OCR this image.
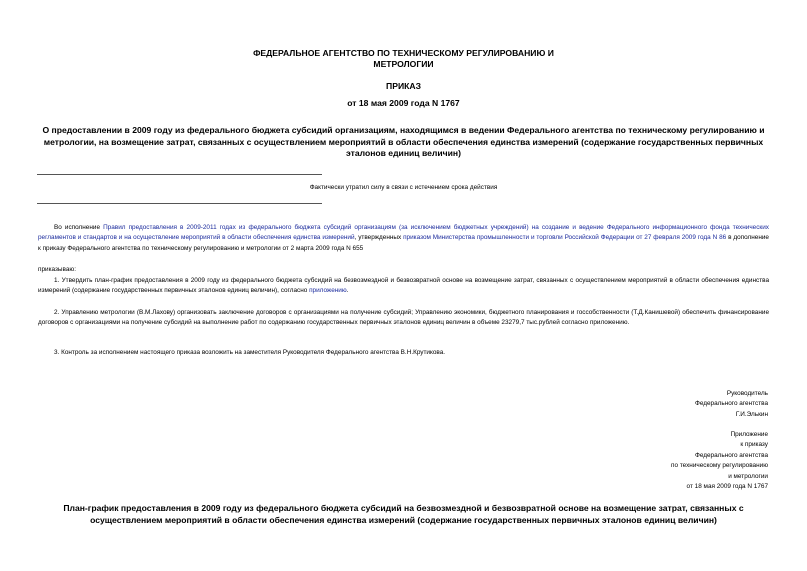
ФЕДЕРАЛЬНОЕ АГЕНТСТВО ПО ТЕХНИЧЕСКОМУ РЕГУЛИРОВАНИЮ И
МЕТРОЛОГИИ
ПРИКАЗ
от 18 мая 2009 года N 1767
О предоставлении в 2009 году из федерального бюджета субсидий организациям, находящимся в ведении Федерального агентства по техническому регулированию и метрологии, на возмещение затрат, связанных с осуществлением мероприятий в области обеспечения единства измерений (содержание государственных первичных эталонов единиц величин)
Фактически утратил силу в связи с истечением срока действия
Во исполнение Правил предоставления в 2009-2011 годах из федерального бюджета субсидий организациям (за исключением бюджетных учреждений) на создание и ведение Федерального информационного фонда технических регламентов и стандартов и на осуществление мероприятий в области обеспечения единства измерений, утвержденных приказом Министерства промышленности и торговли Российской Федерации от 27 февраля 2009 года N 86 в дополнение к приказу Федерального агентства по техническому регулированию и метрологии от 2 марта 2009 года N 655
приказываю:
1. Утвердить план-график предоставления в 2009 году из федерального бюджета субсидий на безвозмездной и безвозвратной основе на возмещение затрат, связанных с осуществлением мероприятий в области обеспечения единства измерений (содержание государственных первичных эталонов единиц величин), согласно приложению.
2. Управлению метрологии (В.М.Лахову) организовать заключение договоров с организациями на получение субсидий; Управлению экономики, бюджетного планирования и госсобственности (Т.Д.Канишевой) обеспечить финансирование договоров с организациями на получение субсидий на выполнение работ по содержанию государственных первичных эталонов единиц величин в объеме 23279,7 тыс.рублей согласно приложению.
3. Контроль за исполнением настоящего приказа возложить на заместителя Руководителя Федерального агентства В.Н.Крутикова.
Руководитель
Федерального агентства
Г.И.Элькин
Приложение
к приказу
Федерального агентства
по техническому регулированию
и метрологии
от 18 мая 2009 года N 1767
План-график предоставления в 2009 году из федерального бюджета субсидий на безвозмездной и безвозвратной основе на возмещение затрат, связанных с осуществлением мероприятий в области обеспечения единства измерений (содержание государственных первичных эталонов единиц величин)
